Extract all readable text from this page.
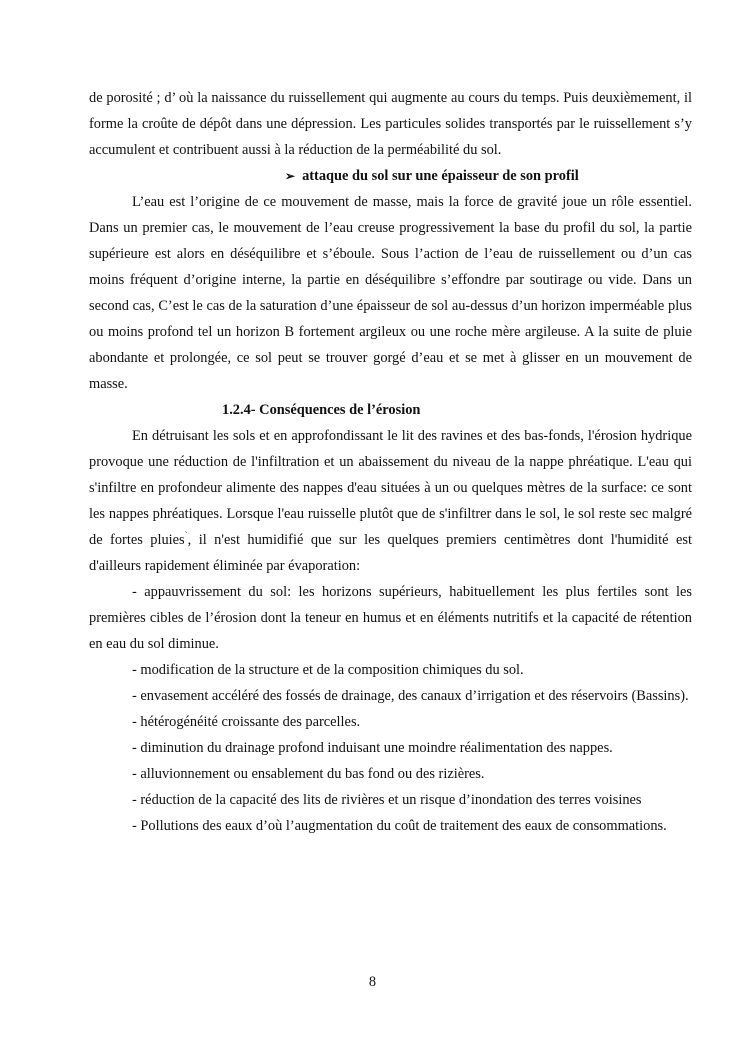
de porosité ; d’ où la naissance du ruissellement qui augmente au cours du temps. Puis deuxièmement, il forme la croûte de dépôt dans une dépression. Les particules solides transportés par le ruissellement s’y accumulent et contribuent aussi à la réduction de la perméabilité du sol.

➢ attaque du sol sur une épaisseur de son profil

L’eau est l’origine de ce mouvement de masse, mais la force de gravité joue un rôle essentiel. Dans un premier cas, le mouvement de l’eau creuse progressivement la base du profil du sol, la partie supérieure est alors en déséquilibre et s’éboule. Sous l’action de l’eau de ruissellement ou d’un cas moins fréquent d’origine interne, la partie en déséquilibre s’effondre par soutirage ou vide. Dans un second cas, C’est le cas de la saturation d’une épaisseur de sol au-dessus d’un horizon imperméable plus ou moins profond tel un horizon B fortement argileux ou une roche mère argileuse. A la suite de pluie abondante et prolongée, ce sol peut se trouver gorgé d’eau et se met à glisser en un mouvement de masse.

1.2.4- Conséquences de l’érosion

En détruisant les sols et en approfondissant le lit des ravines et des bas-fonds, l'érosion hydrique provoque une réduction de l'infiltration et un abaissement du niveau de la nappe phréatique. L'eau qui s'infiltre en profondeur alimente des nappes d'eau situées à un ou quelques mètres de la surface: ce sont les nappes phréatiques. Lorsque l'eau ruisselle plutôt que de s'infiltrer dans le sol, le sol reste sec malgré de fortes pluies`, il n'est humidifié que sur les quelques premiers centimètres dont l'humidité est d'ailleurs rapidement éliminée par évaporation:

- appauvrissement du sol: les horizons supérieurs, habituellement les plus fertiles sont les premières cibles de l’érosion dont la teneur en humus et en éléments nutritifs et la capacité de rétention en eau du sol diminue.

- modification de la structure et de la composition chimiques du sol.

- envasement accéléré des fossés de drainage, des canaux d’irrigation et des réservoirs (Bassins).

- hétérogénéité croissante des parcelles.

- diminution du drainage profond induisant une moindre réalimentation des nappes.

- alluvionnement ou ensablement du bas fond ou des rizières.

- réduction de la capacité des lits de rivières et un risque d’inondation des terres voisines

- Pollutions des eaux d’où l’augmentation du coût de traitement des eaux de consommations.

8
